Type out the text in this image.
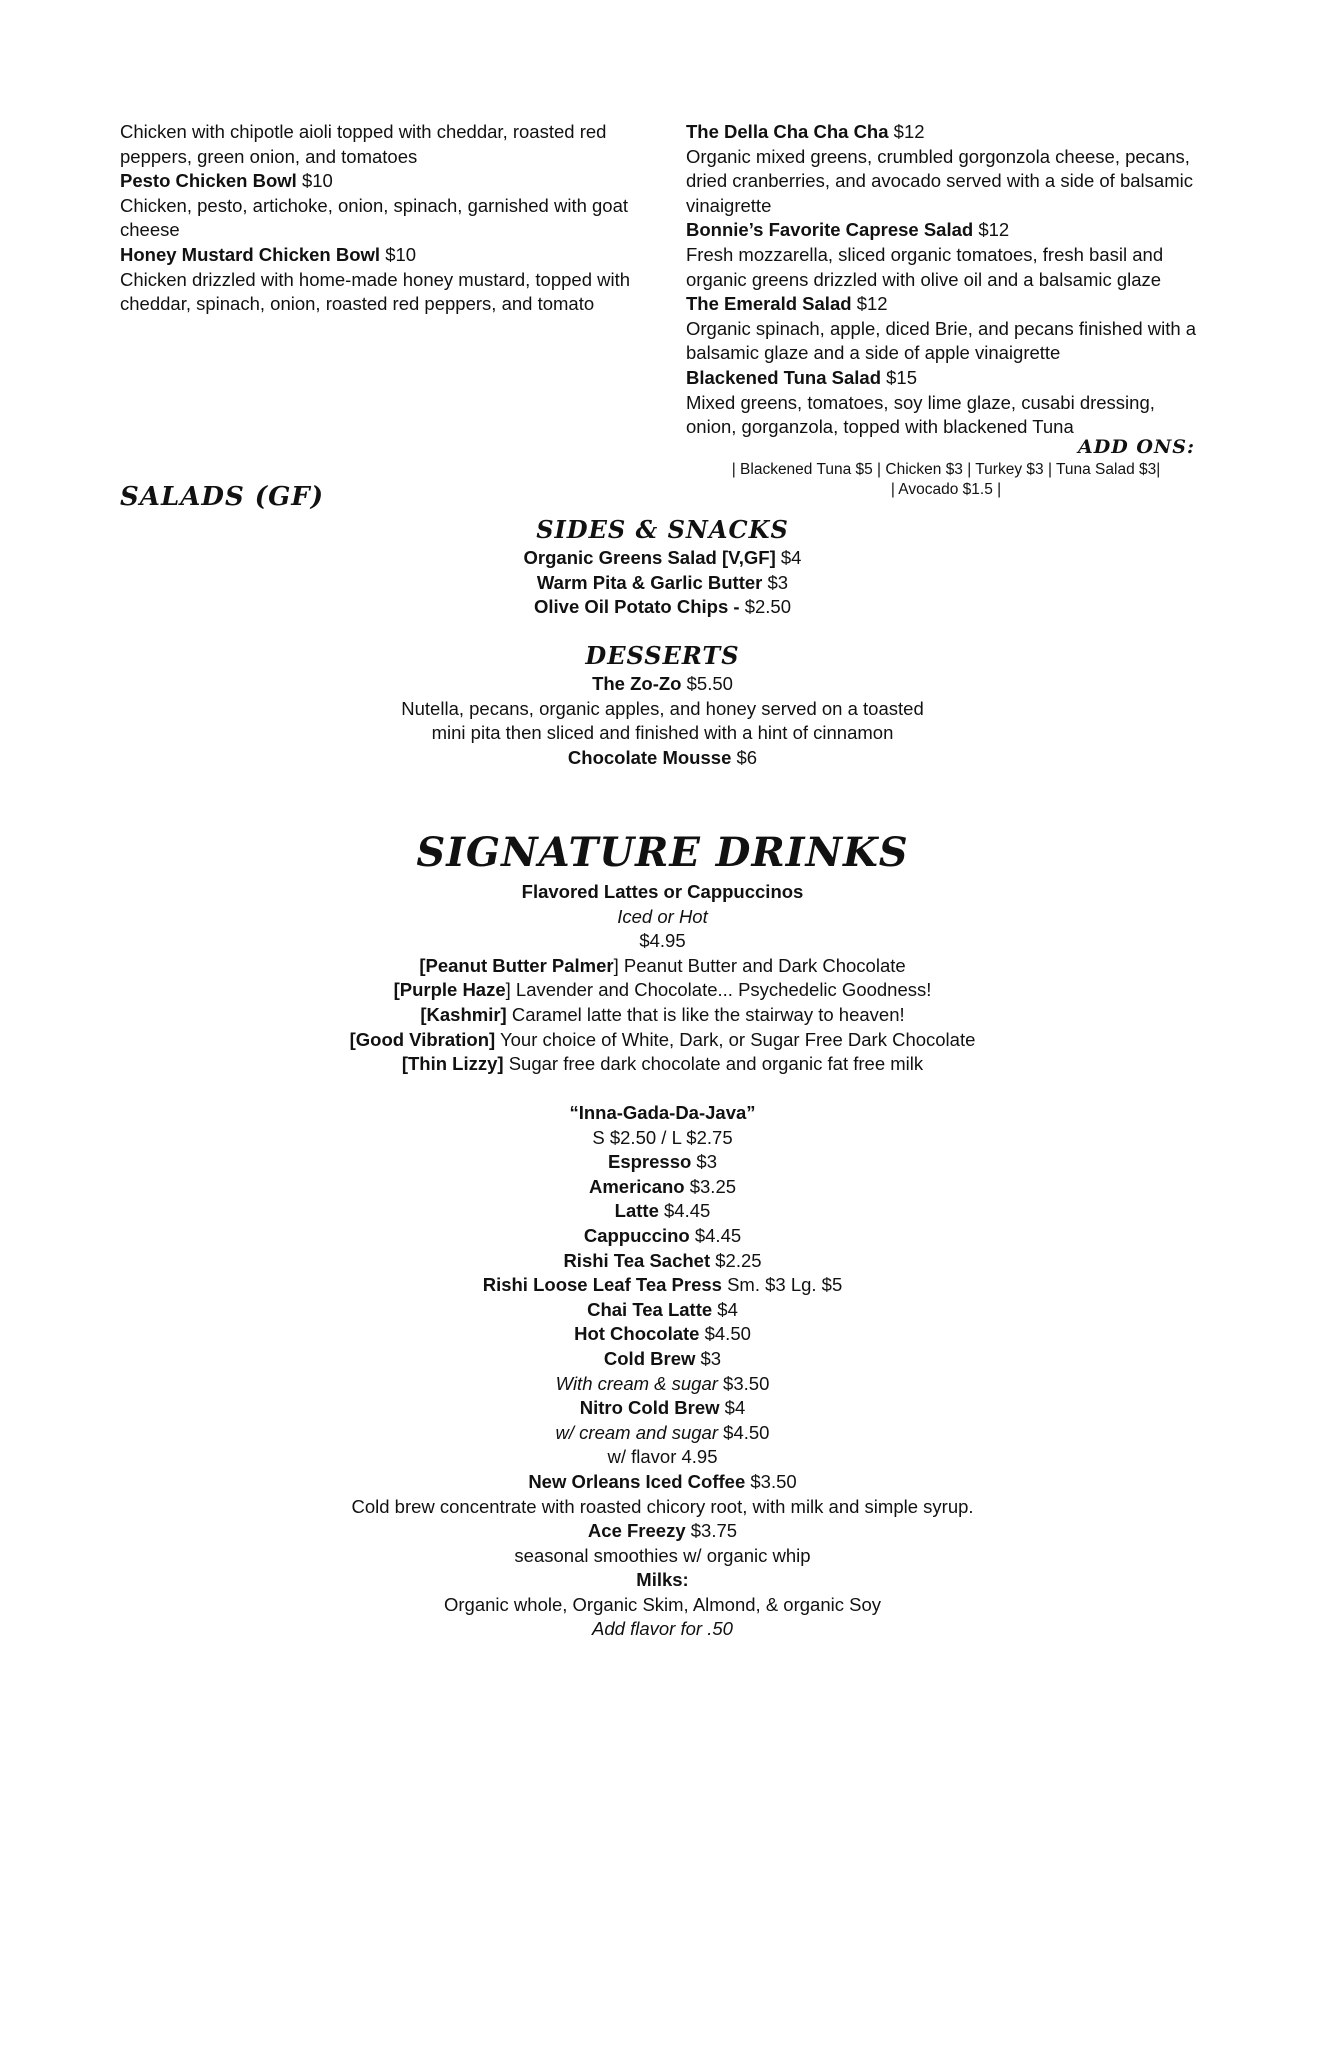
Chicken with chipotle aioli topped with cheddar, roasted red peppers, green onion, and tomatoes

Pesto Chicken Bowl $10

Chicken, pesto, artichoke, onion, spinach, garnished with goat cheese

Honey Mustard Chicken Bowl $10

Chicken drizzled with home-made honey mustard, topped with cheddar, spinach, onion, roasted red peppers, and tomato

The Della Cha Cha Cha $12

Organic mixed greens, crumbled gorgonzola cheese, pecans, dried cranberries, and avocado served with a side of balsamic vinaigrette

Bonnie’s Favorite Caprese Salad $12

Fresh mozzarella, sliced organic tomatoes, fresh basil and organic greens drizzled with olive oil and a balsamic glaze

The Emerald Salad $12

Organic spinach, apple, diced Brie, and pecans finished with a balsamic glaze and a side of apple vinaigrette

Blackened Tuna Salad $15

Mixed greens, tomatoes, soy lime glaze, cusabi dressing, onion, gorganzola, topped with blackened Tuna

ADD ONS:
| Blackened Tuna $5 | Chicken $3 | Turkey $3 | Tuna Salad $3|
| Avocado $1.5 |
SALADS (GF)

SIDES & SNACKS

Organic Greens Salad [V,GF] $4

Warm Pita & Garlic Butter $3

Olive Oil Potato Chips - $2.50

DESSERTS

The Zo-Zo $5.50

Nutella, pecans, organic apples, and honey served on a toasted

mini pita then sliced and finished with a hint of cinnamon

Chocolate Mousse $6

SIGNATURE DRINKS

Flavored Lattes or Cappuccinos

Iced or Hot

$4.95

[Peanut Butter Palmer] Peanut Butter and Dark Chocolate

[Purple Haze] Lavender and Chocolate... Psychedelic Goodness!

[Kashmir] Caramel latte that is like the stairway to heaven!

[Good Vibration] Your choice of White, Dark, or Sugar Free Dark Chocolate

[Thin Lizzy] Sugar free dark chocolate and organic fat free milk

“Inna-Gada-Da-Java”

S $2.50 / L $2.75

Espresso $3

Americano $3.25

Latte $4.45

Cappuccino $4.45

Rishi Tea Sachet $2.25

Rishi Loose Leaf Tea Press Sm. $3 Lg. $5

Chai Tea Latte $4

Hot Chocolate $4.50

Cold Brew $3

With cream & sugar $3.50

Nitro Cold Brew $4

w/ cream and sugar $4.50

w/ flavor 4.95

New Orleans Iced Coffee $3.50

Cold brew concentrate with roasted chicory root, with milk and simple syrup.

Ace Freezy $3.75

seasonal smoothies w/ organic whip

Milks:

Organic whole, Organic Skim, Almond, & organic Soy

Add flavor for .50
